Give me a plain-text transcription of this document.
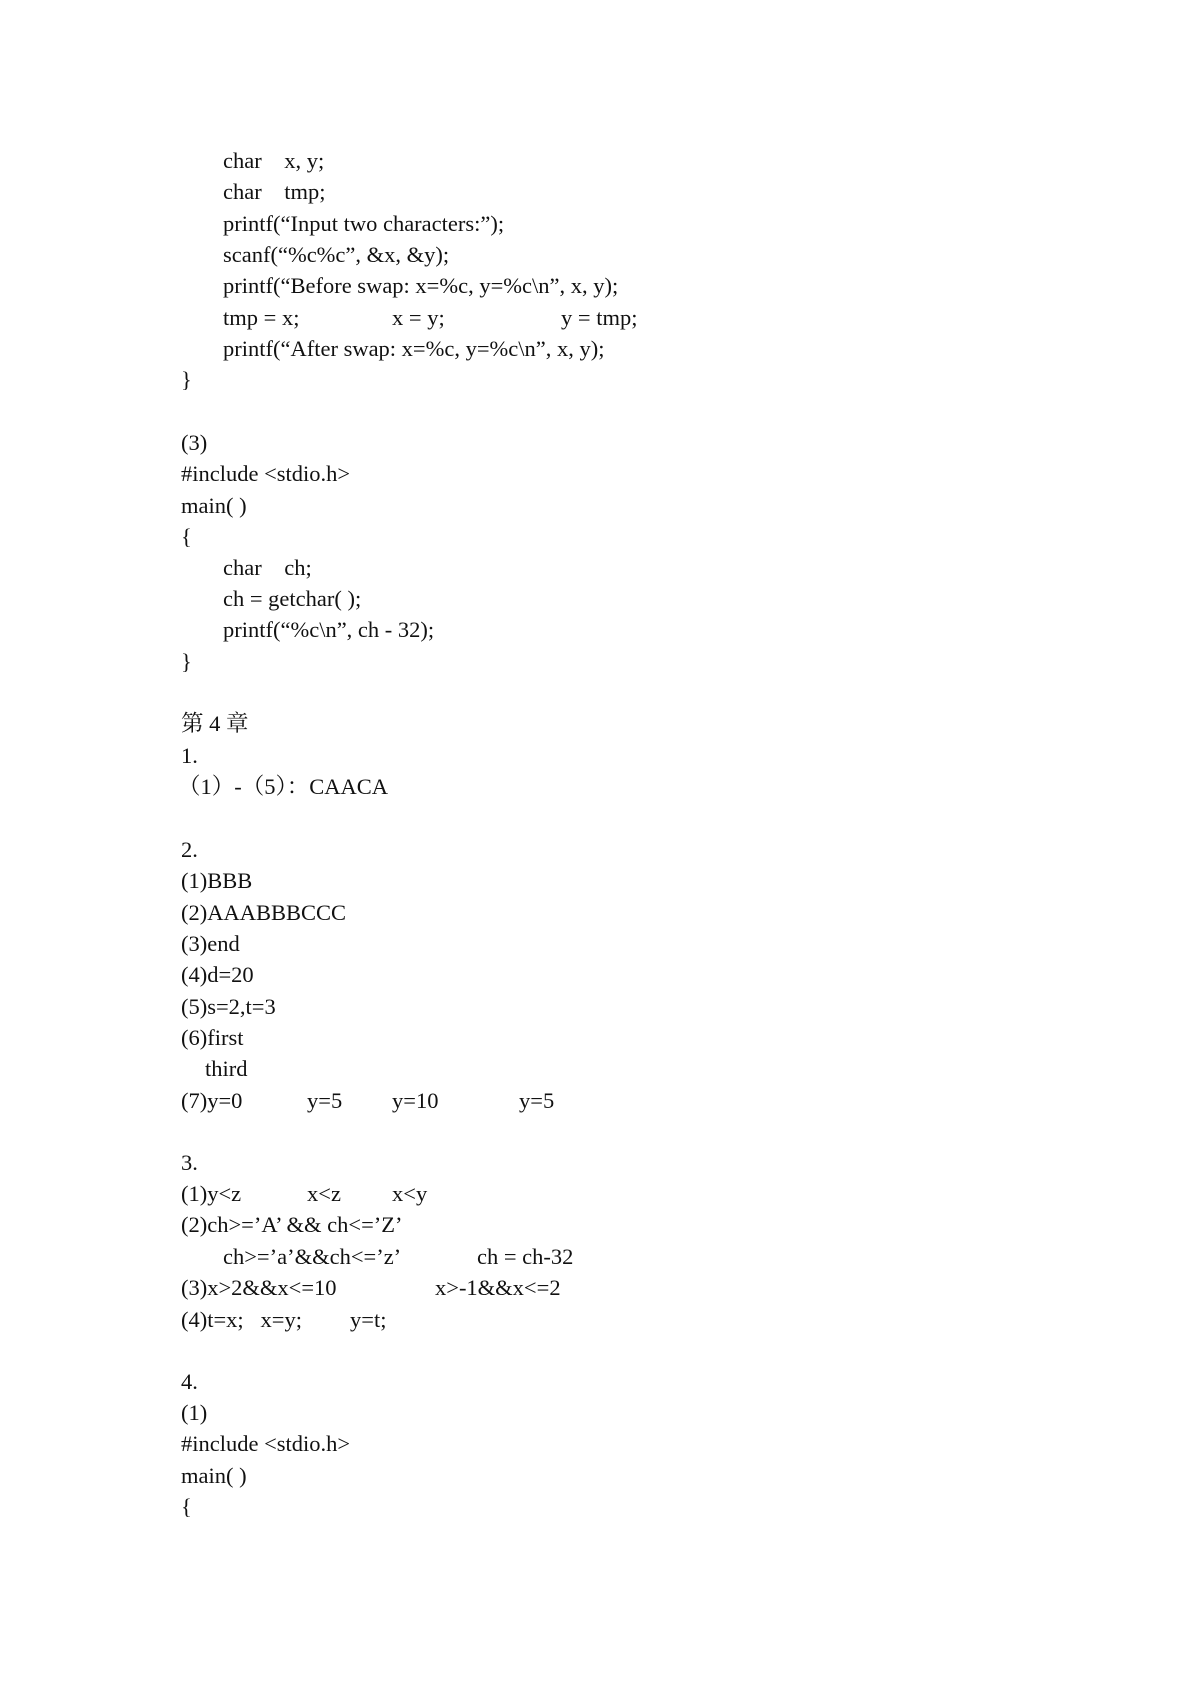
char    x, y;
char    tmp;
printf(“Input two characters:”);
scanf(“%c%c”, &x, &y);
printf(“Before swap: x=%c, y=%c\n”, x, y);
tmp = x;	x = y;	y = tmp;
printf(“After swap: x=%c, y=%c\n”, x, y);
}
(3)
#include <stdio.h>
main( )
{
char    ch;
ch = getchar( );
printf(“%c\n”, ch - 32);
}
第 4 章
1.
（1）-（5）：CAACA
2.
(1)BBB
(2)AAABBBCCC
(3)end
(4)d=20
(5)s=2,t=3
(6)first
third
(7)y=0	y=5 y=10	y=5
3.
(1)y<z	x<z x<y
(2)ch>=’A’ && ch<=’Z’
ch>=’a’&&ch<=’z’	ch = ch-32
(3)x>2&&x<=10	x>-1&&x<=2
(4)t=x;   x=y; y=t;
4.
(1)
#include <stdio.h>
main( )
{
